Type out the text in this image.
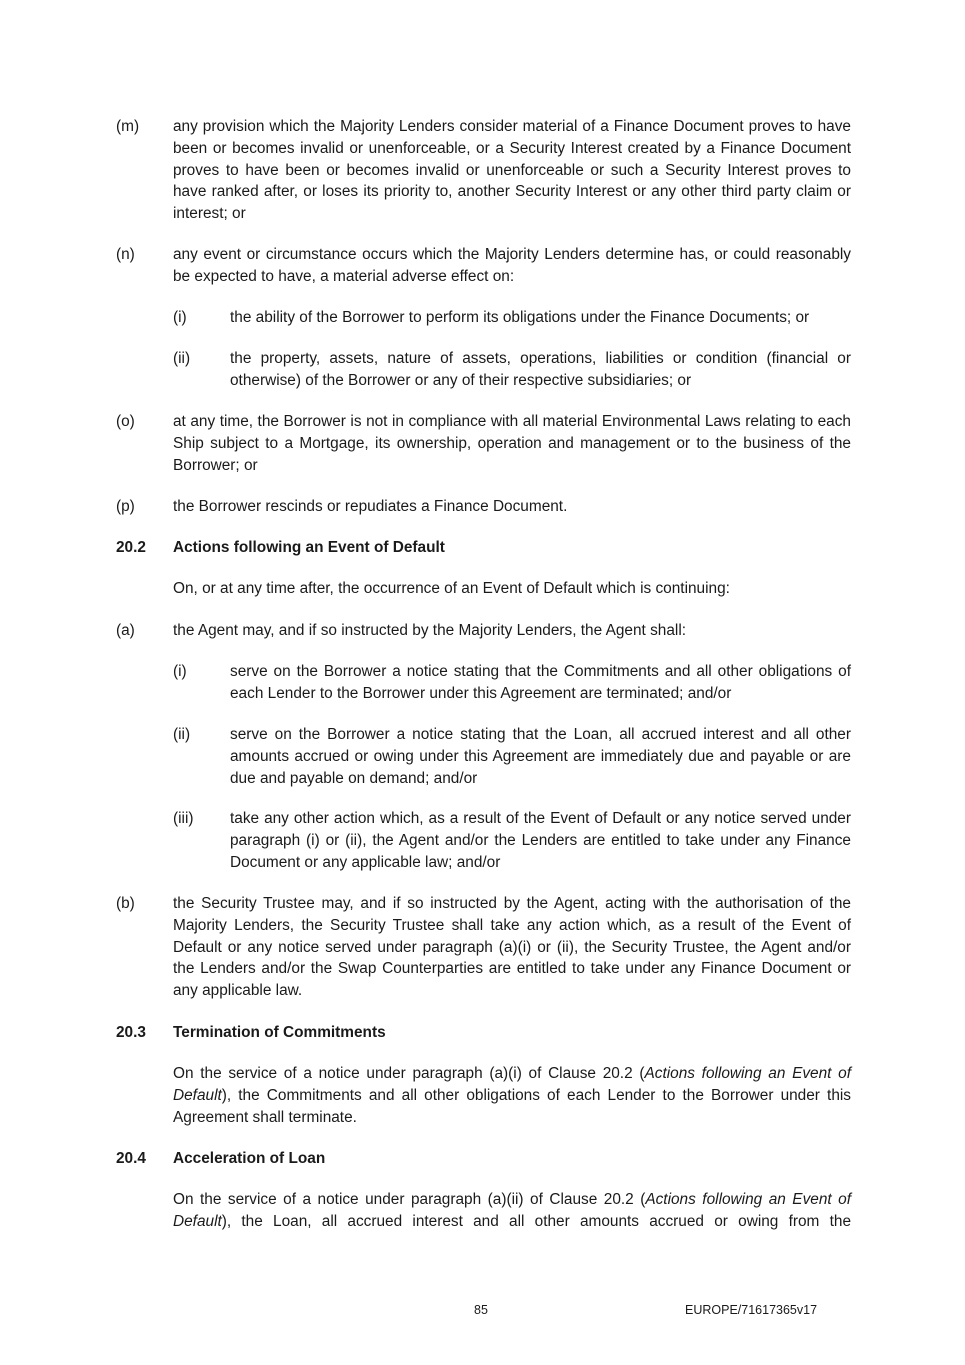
(m) any provision which the Majority Lenders consider material of a Finance Document proves to have been or becomes invalid or unenforceable, or a Security Interest created by a Finance Document proves to have been or becomes invalid or unenforceable or such a Security Interest proves to have ranked after, or loses its priority to, another Security Interest or any other third party claim or interest; or
(n) any event or circumstance occurs which the Majority Lenders determine has, or could reasonably be expected to have, a material adverse effect on:
(i)	the ability of the Borrower to perform its obligations under the Finance Documents; or
(ii)	the property, assets, nature of assets, operations, liabilities or condition (financial or otherwise) of the Borrower or any of their respective subsidiaries; or
(o) at any time, the Borrower is not in compliance with all material Environmental Laws relating to each Ship subject to a Mortgage, its ownership, operation and management or to the business of the Borrower; or
(p) the Borrower rescinds or repudiates a Finance Document.
20.2 Actions following an Event of Default
On, or at any time after, the occurrence of an Event of Default which is continuing:
(a) the Agent may, and if so instructed by the Majority Lenders, the Agent shall:
(i)	serve on the Borrower a notice stating that the Commitments and all other obligations of each Lender to the Borrower under this Agreement are terminated; and/or
(ii)	serve on the Borrower a notice stating that the Loan, all accrued interest and all other amounts accrued or owing under this Agreement are immediately due and payable or are due and payable on demand; and/or
(iii) take any other action which, as a result of the Event of Default or any notice served under paragraph (i) or (ii), the Agent and/or the Lenders are entitled to take under any Finance Document or any applicable law; and/or
(b) the Security Trustee may, and if so instructed by the Agent, acting with the authorisation of the Majority Lenders, the Security Trustee shall take any action which, as a result of the Event of Default or any notice served under paragraph (a)(i) or (ii), the Security Trustee, the Agent and/or the Lenders and/or the Swap Counterparties are entitled to take under any Finance Document or any applicable law.
20.3 Termination of Commitments
On the service of a notice under paragraph (a)(i) of Clause 20.2 (Actions following an Event of Default), the Commitments and all other obligations of each Lender to the Borrower under this Agreement shall terminate.
20.4 Acceleration of Loan
On the service of a notice under paragraph (a)(ii) of Clause 20.2 (Actions following an Event of Default), the Loan, all accrued interest and all other amounts accrued or owing from the
85	EUROPE/71617365v17
